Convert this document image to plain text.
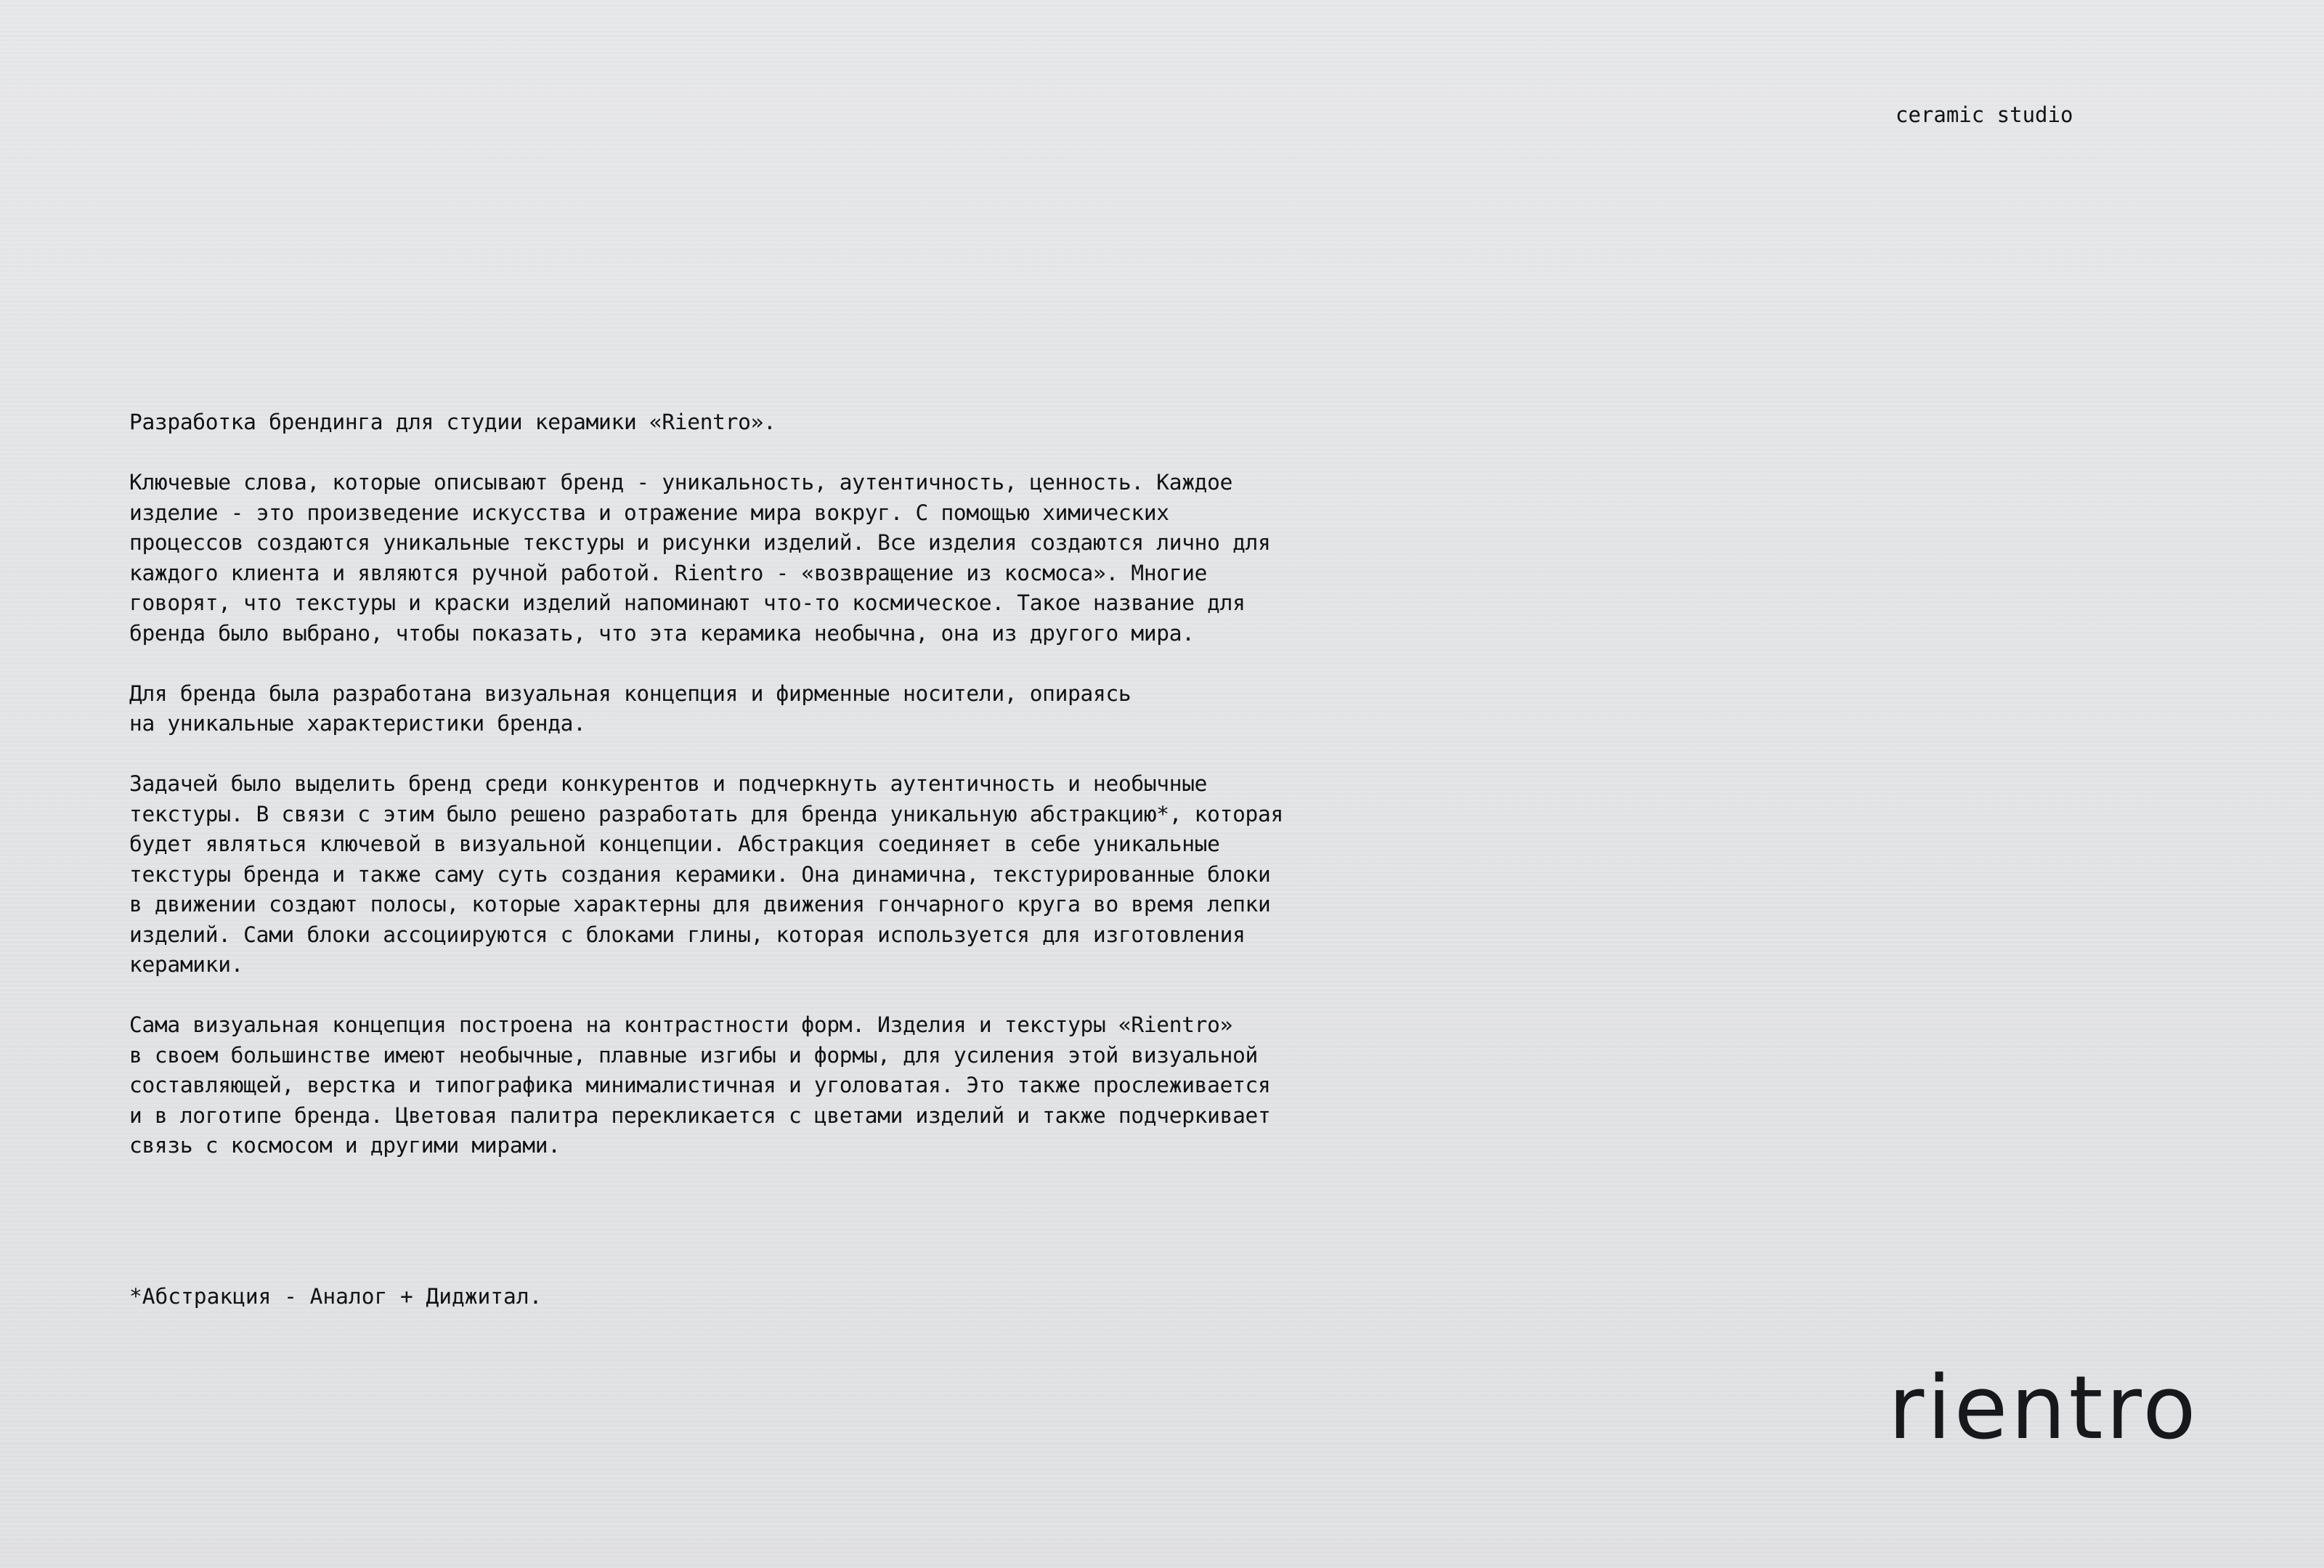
ceramic studio

Разработка брендинга для студии керамики «Rientro».

Ключевые слова, которые описывают бренд - уникальность, аутентичность, ценность. Каждое
изделие - это произведение искусства и отражение мира вокруг. С помощью химических
процессов создаются уникальные текстуры и рисунки изделий. Все изделия создаются лично для
каждого клиента и являются ручной работой. Rientro - «возвращение из космоса». Многие
говорят, что текстуры и краски изделий напоминают что-то космическое. Такое название для
бренда было выбрано, чтобы показать, что эта керамика необычна, она из другого мира.

Для бренда была разработана визуальная концепция и фирменные носители, опираясь
на уникальные характеристики бренда.

Задачей было выделить бренд среди конкурентов и подчеркнуть аутентичность и необычные
текстуры. В связи с этим было решено разработать для бренда уникальную абстракцию*, которая
будет являться ключевой в визуальной концепции. Абстракция соединяет в себе уникальные
текстуры бренда и также саму суть создания керамики. Она динамична, текстурированные блоки
в движении создают полосы, которые характерны для движения гончарного круга во время лепки
изделий. Сами блоки ассоциируются с блоками глины, которая используется для изготовления
керамики.

Сама визуальная концепция построена на контрастности форм. Изделия и текстуры «Rientro»
в своем большинстве имеют необычные, плавные изгибы и формы, для усиления этой визуальной
составляющей, верстка и типографика минималистичная и уголоватая. Это также прослеживается
и в логотипе бренда. Цветовая палитра перекликается с цветами изделий и также подчеркивает
связь с космосом и другими мирами.

*Абстракция - Аналог + Диджитал.
rientro
